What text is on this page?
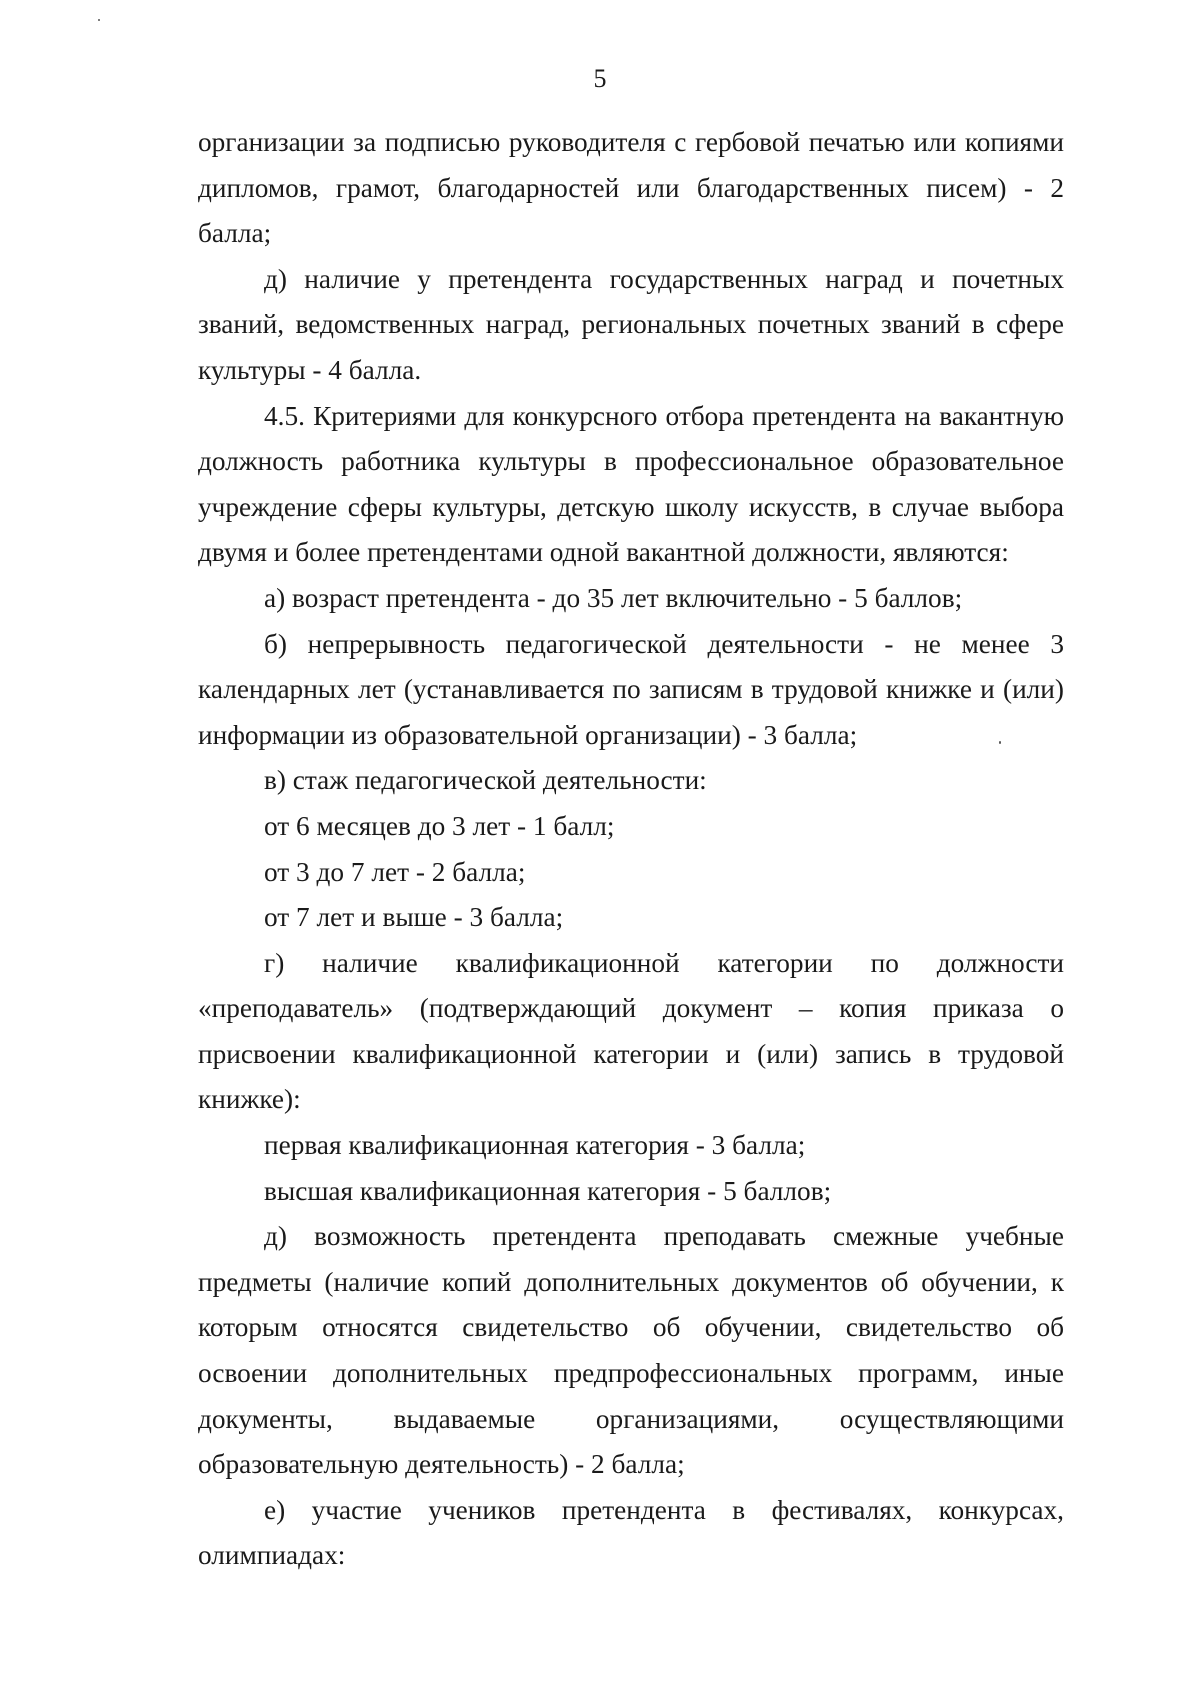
5

организации за подписью руководителя с гербовой печатью или копиями дипломов, грамот, благодарностей или благодарственных писем) - 2 балла;

д) наличие у претендента государственных наград и почетных званий, ведомственных наград, региональных почетных званий в сфере культуры - 4 балла.

4.5. Критериями для конкурсного отбора претендента на вакантную должность работника культуры в профессиональное образовательное учреждение сферы культуры, детскую школу искусств, в случае выбора двумя и более претендентами одной вакантной должности, являются:

а) возраст претендента - до 35 лет включительно - 5 баллов;

б) непрерывность педагогической деятельности - не менее 3 календарных лет (устанавливается по записям в трудовой книжке и (или) информации из образовательной организации) - 3 балла;

в) стаж педагогической деятельности:

от 6 месяцев до 3 лет - 1 балл;

от 3 до 7 лет - 2 балла;

от 7 лет и выше - 3 балла;

г) наличие квалификационной категории по должности «преподаватель» (подтверждающий документ – копия приказа о присвоении квалификационной категории и (или) запись в трудовой книжке):

первая квалификационная категория - 3 балла;

высшая квалификационная категория - 5 баллов;

д) возможность претендента преподавать смежные учебные предметы (наличие копий дополнительных документов об обучении, к которым относятся свидетельство об обучении, свидетельство об освоении дополнительных предпрофессиональных программ, иные документы, выдаваемые организациями, осуществляющими образовательную деятельность) - 2 балла;

е) участие учеников претендента в фестивалях, конкурсах, олимпиадах:
